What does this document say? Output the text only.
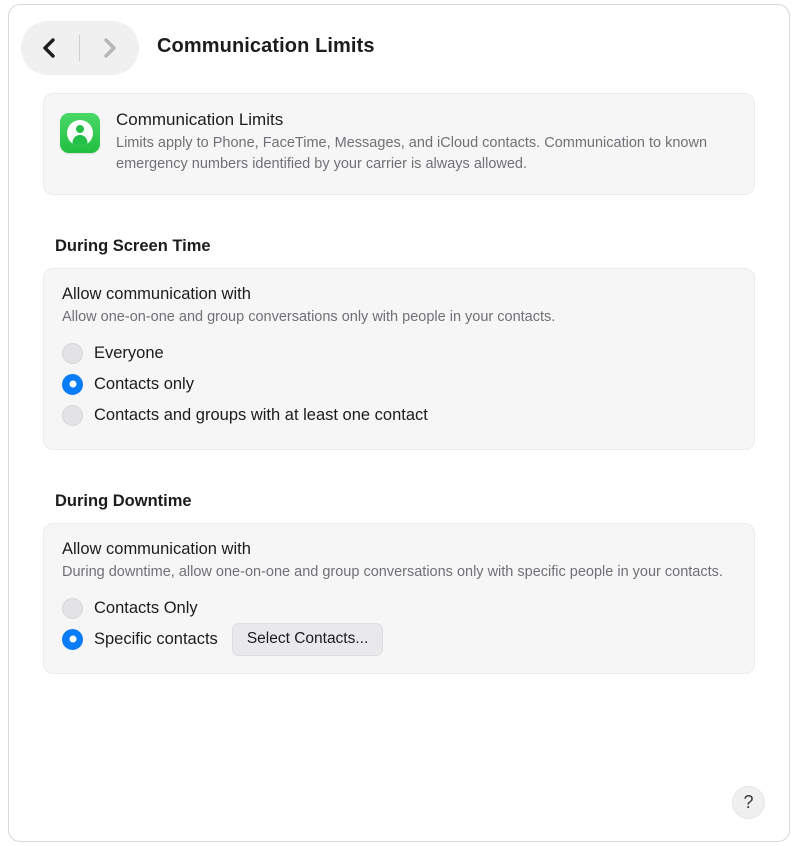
Communication Limits
Communication Limits
Limits apply to Phone, FaceTime, Messages, and iCloud contacts. Communication to known emergency numbers identified by your carrier is always allowed.
During Screen Time
Allow communication with
Allow one-on-one and group conversations only with people in your contacts.
Everyone
Contacts only
Contacts and groups with at least one contact
During Downtime
Allow communication with
During downtime, allow one-on-one and group conversations only with specific people in your contacts.
Contacts Only
Specific contacts	Select Contacts...
?
